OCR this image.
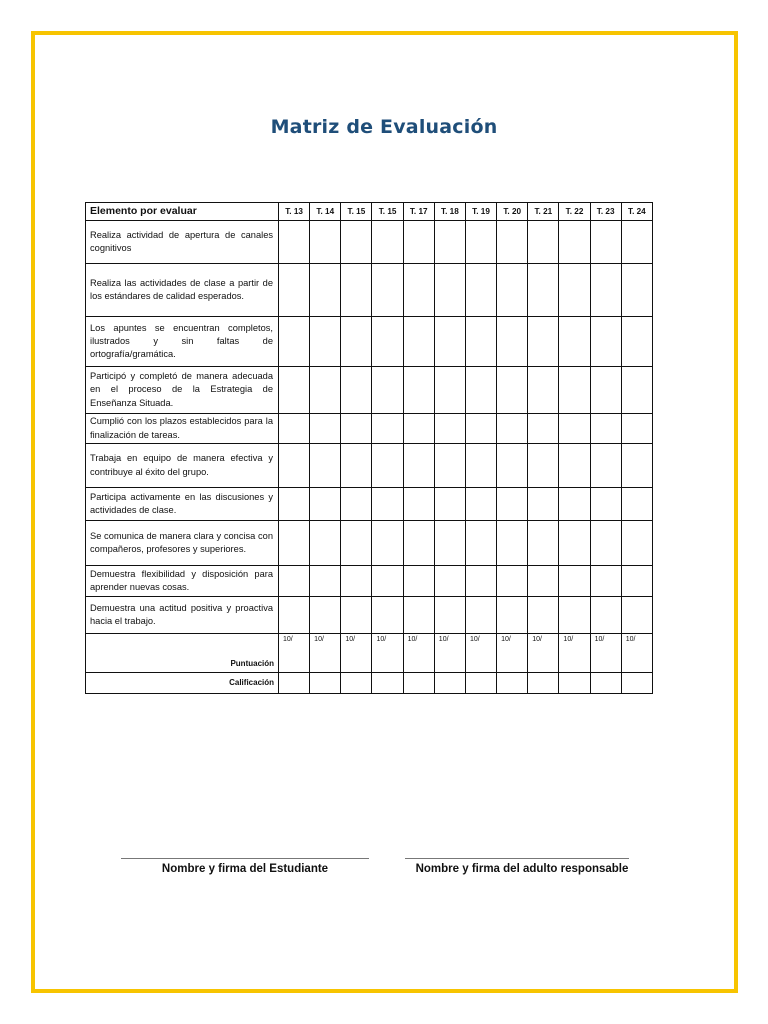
Matriz de Evaluación
Elemento por evaluar	T. 13	T. 14	T. 15	T. 15	T. 17	T. 18	T. 19	T. 20	T. 21	T. 22	T. 23	T. 24
Realiza actividad de apertura de canales cognitivos												
Realiza las actividades de clase a partir de los estándares de calidad esperados.												
Los apuntes se encuentran completos, ilustrados y sin faltas de ortografía/gramática.												
Participó y completó de manera adecuada en el proceso de la Estrategia de Enseñanza Situada.												
Cumplió con los plazos establecidos para la finalización de tareas.												
Trabaja en equipo de manera efectiva y contribuye al éxito del grupo.												
Participa activamente en las discusiones y actividades de clase.												
Se comunica de manera clara y concisa con compañeros, profesores y superiores.												
Demuestra flexibilidad y disposición para aprender nuevas cosas.												
Demuestra una actitud positiva y proactiva hacia el trabajo.												
Puntuación	10/	10/	10/	10/	10/	10/	10/	10/	10/	10/	10/	10/
Calificación												
Nombre y firma del Estudiante	Nombre y firma del adulto responsable
